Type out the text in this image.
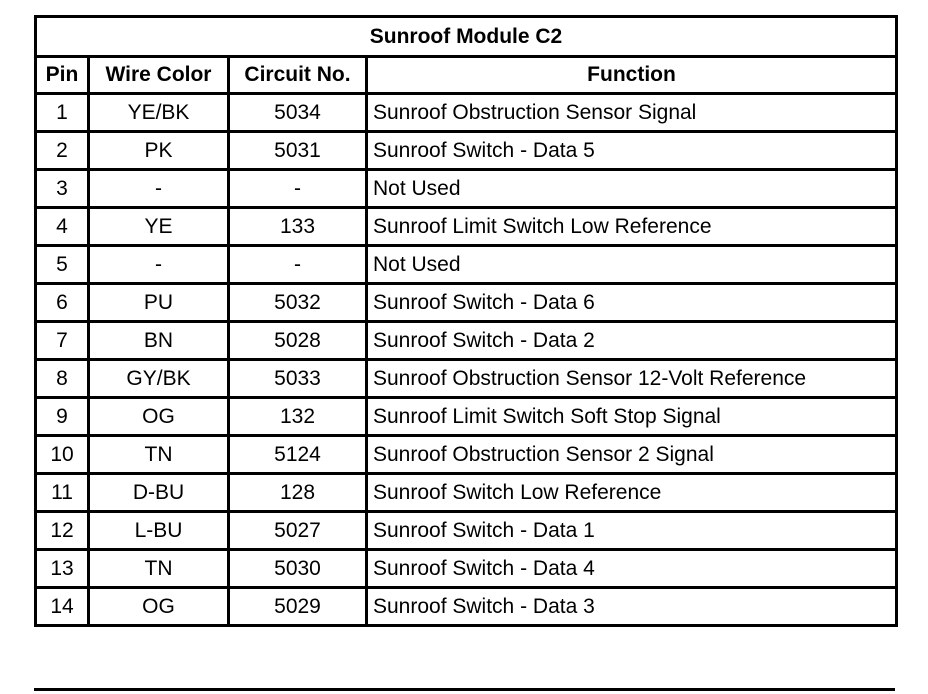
Sunroof Module C2			
Pin	Wire Color	Circuit No.	Function
1	YE/BK	5034	Sunroof Obstruction Sensor Signal
2	PK	5031	Sunroof Switch - Data 5
3	-	-	Not Used
4	YE	133	Sunroof Limit Switch Low Reference
5	-	-	Not Used
6	PU	5032	Sunroof Switch - Data 6
7	BN	5028	Sunroof Switch - Data 2
8	GY/BK	5033	Sunroof Obstruction Sensor 12-Volt Reference
9	OG	132	Sunroof Limit Switch Soft Stop Signal
10	TN	5124	Sunroof Obstruction Sensor 2 Signal
11	D-BU	128	Sunroof Switch Low Reference
12	L-BU	5027	Sunroof Switch - Data 1
13	TN	5030	Sunroof Switch - Data 4
14	OG	5029	Sunroof Switch - Data 3
